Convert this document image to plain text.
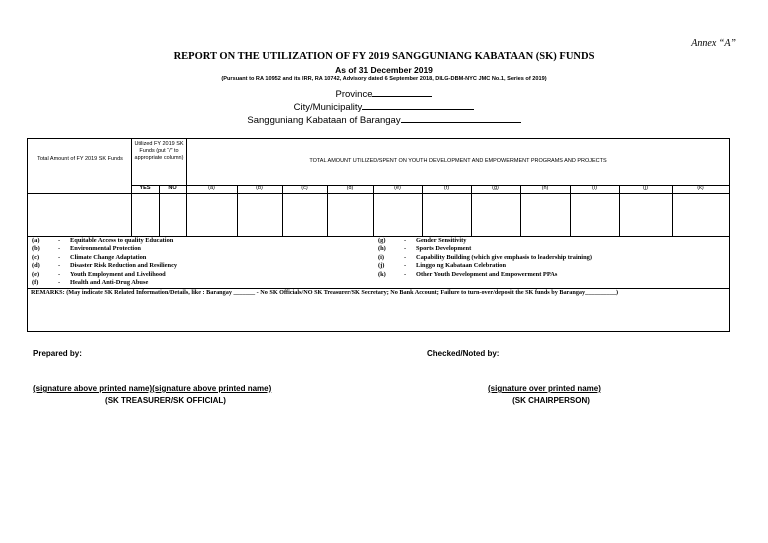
Annex “A”
REPORT ON THE UTILIZATION OF FY 2019 SANGGUNIANG KABATAAN (SK) FUNDS
As of 31 December 2019
(Pursuant to RA 10952 and its IRR, RA 10742, Advisory dated 6 September 2018, DILG-DBM-NYC JMC No.1, Series of 2019)
Province
City/Municipality
Sangguniang Kabataan of Barangay
Total Amount of FY 2019 SK Funds
Utilized FY 2019 SK Funds (put “/” to appropriate column)	TOTAL AMOUNT UTILIZED/SPENT ON YOUTH DEVELOPMENT AND EMPOWERMENT PROGRAMS AND PROJECTS
YES	NO	(a)	(b)	(c)	(d)	(e)	(f)	(g)	(h)	(i)	(j)	(k)
(a)	- Equitable Access to quality Education
(b)	- Environmental Protection
(c)	- Climate Change Adaptation
(d)	- Disaster Risk Reduction and Resiliency
(e)	- Youth Employment and Livelihood
(f)	- Health and Anti-Drug Abuse
(g)	- Gender Sensitivity
(h)	- Sports Development
(i)	- Capability Building (which give emphasis to leadership training)
(j)	- Linggo ng Kabataan Celebration
(k)	- Other Youth Development and Empowerment PPAs
REMARKS: (May indicate SK Related Information/Details, like : Barangay _______ - No SK Officials/NO SK Treasurer/SK Secretary; No Bank Account; Failure to turn-over/deposit the SK funds by Barangay__________)
Prepared by:	Checked/Noted by:
(signature above printed name)(signature above printed name)
(SK TREASURER/SK OFFICIAL)
(signature over printed name)
(SK CHAIRPERSON)
